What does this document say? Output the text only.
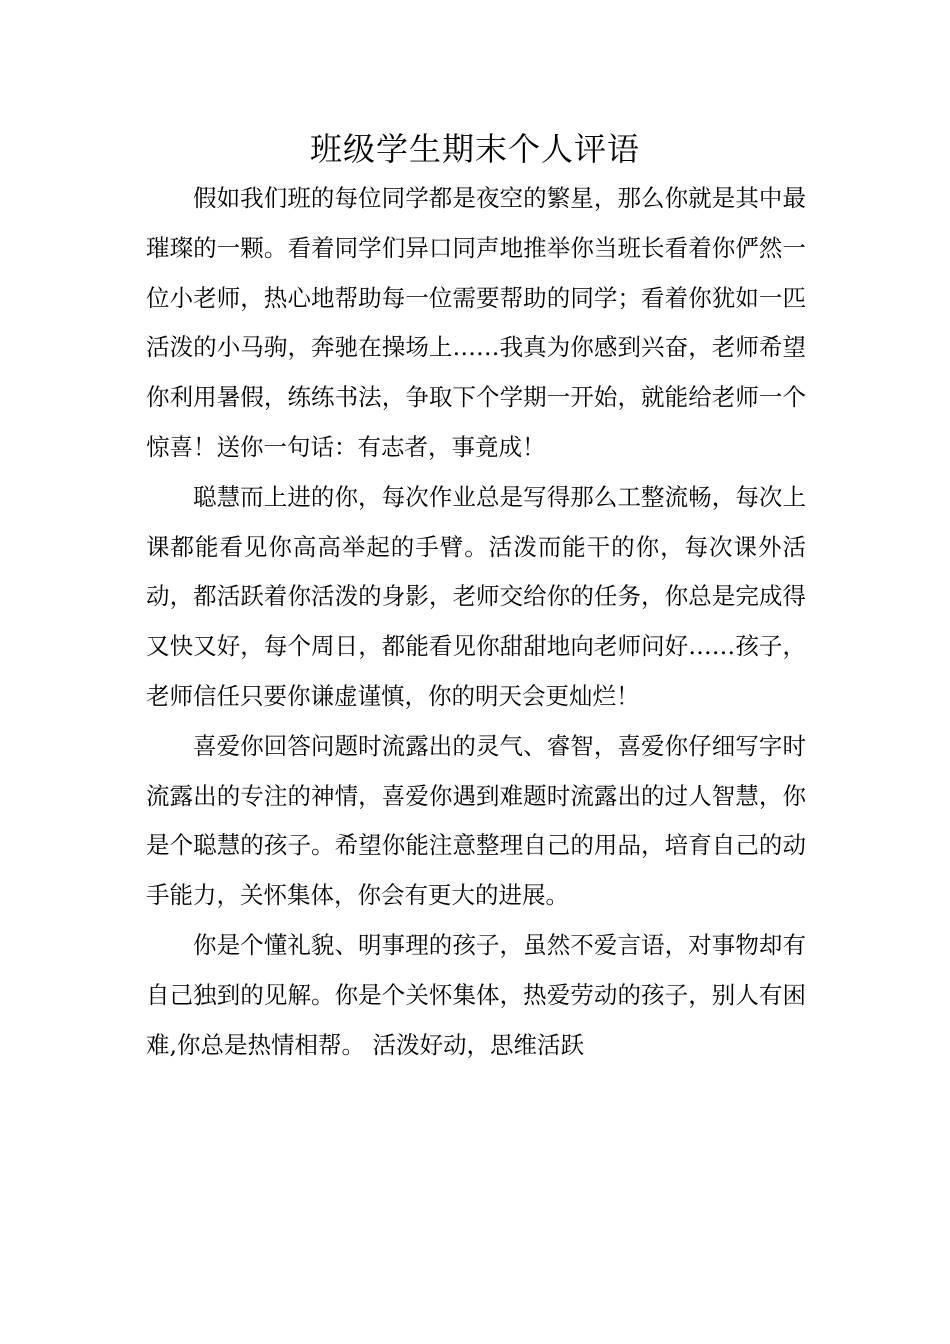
班级学生期末个人评语

假如我们班的每位同学都是夜空的繁星，那么你就是其中最璀璨的一颗。看着同学们异口同声地推举你当班长看着你俨然一位小老师，热心地帮助每一位需要帮助的同学；看着你犹如一匹活泼的小马驹，奔驰在操场上……我真为你感到兴奋，老师希望你利用暑假，练练书法，争取下个学期一开始，就能给老师一个惊喜！送你一句话：有志者，事竟成！

聪慧而上进的你，每次作业总是写得那么工整流畅，每次上课都能看见你高高举起的手臂。活泼而能干的你，每次课外活动，都活跃着你活泼的身影，老师交给你的任务，你总是完成得又快又好，每个周日，都能看见你甜甜地向老师问好……孩子，老师信任只要你谦虚谨慎，你的明天会更灿烂！

喜爱你回答问题时流露出的灵气、睿智，喜爱你仔细写字时流露出的专注的神情，喜爱你遇到难题时流露出的过人智慧，你是个聪慧的孩子。希望你能注意整理自己的用品，培育自己的动手能力，关怀集体，你会有更大的进展。

你是个懂礼貌、明事理的孩子，虽然不爱言语，对事物却有自己独到的见解。你是个关怀集体，热爱劳动的孩子，别人有困难,你总是热情相帮。 活泼好动，思维活跃
